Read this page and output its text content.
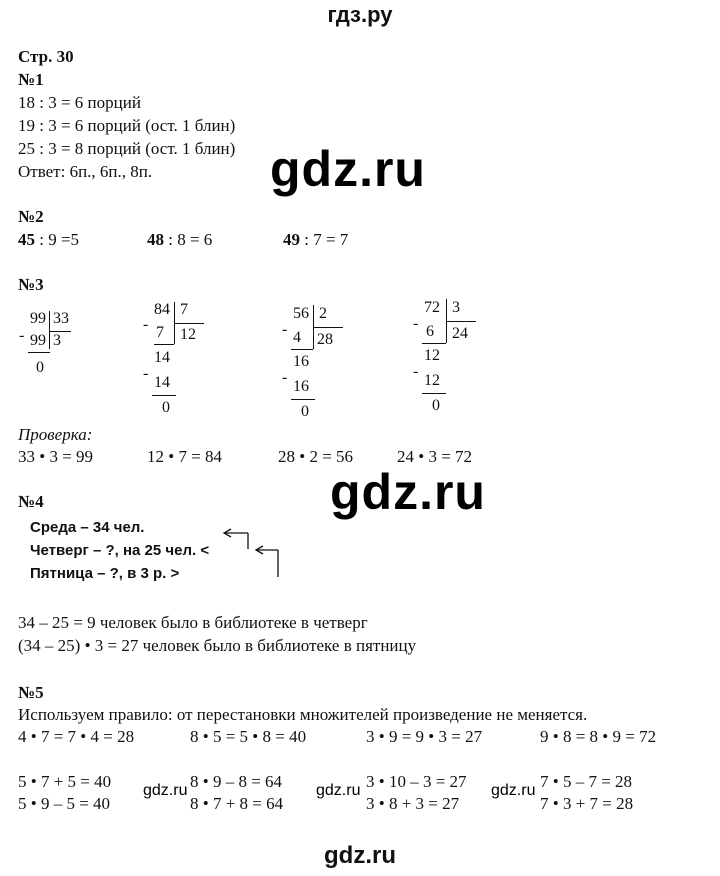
гдз.ру
Стр. 30
№1
18 : 3 = 6 порций
19 : 3 = 6 порций (ост. 1 блин)
25 : 3 = 8 порций (ост. 1 блин)
Ответ: 6п., 6п., 8п. gdz.ru
№2
45 : 9 =5	48 : 8 = 6	49 : 7 = 7
№3
99 33
- 99 3
0
84 7
- 7 12
14
-
14
0
56 2
- 4 28
16
-
16
0
72 3
- 6 24
12
-
12
0
Проверка:
33 • 3 = 99	12 • 7 = 84	28 • 2 = 56	24 • 3 = 72
gdz.ru
№4
Среда – 34 чел.
Четверг – ?, на 25 чел. <
Пятница – ?, в 3 р. >
34 – 25 = 9 человек было в библиотеке в четверг
(34 – 25) • 3 = 27 человек было в библиотеке в пятницу
№5
Используем правило: от перестановки множителей произведение не меняется.
4 • 7 = 7 • 4 = 28	8 • 5 = 5 • 8 = 40	3 • 9 = 9 • 3 = 27	9 • 8 = 8 • 9 = 72
5 • 7 + 5 = 40 gdz.ru 8 • 9 – 8 = 64 gdz.ru 3 • 10 – 3 = 27 gdz.ru 7 • 5 – 7 = 28
5 • 9 – 5 = 40	8 • 7 + 8 = 64	3 • 8 + 3 = 27	7 • 3 + 7 = 28
gdz.ru
